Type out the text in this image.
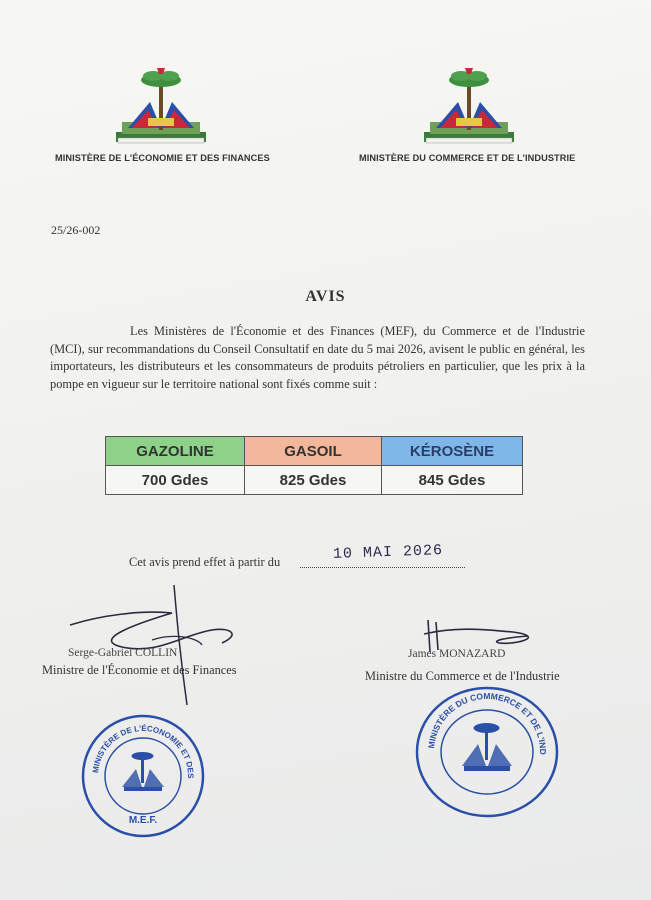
MINISTÈRE DE L'ÉCONOMIE ET DES FINANCES	MINISTÈRE DU COMMERCE ET DE L'INDUSTRIE
25/26-002
AVIS

Les Ministères de l'Économie et des Finances (MEF), du Commerce et de l'Industrie (MCI), sur recommandations du Conseil Consultatif en date du 5 mai 2026, avisent le public en général, les importateurs, les distributeurs et les consommateurs de produits pétroliers en particulier, que les prix à la pompe en vigueur sur le territoire national sont fixés comme suit :

GAZOLINE	GASOIL	KÉROSÈNE
700 Gdes	825 Gdes	845 Gdes
Cet avis prend effet à partir du	10 MAI 2026
Serge-Gabriel COLLIN
Ministre de l'Économie et des Finances
James MONAZARD
Ministre du Commerce et de l'Industrie
MINISTÈRE DE L'ÉCONOMIE ET DES
M.E.F.
MINISTÈRE DU COMMERCE ET DE L'IND
